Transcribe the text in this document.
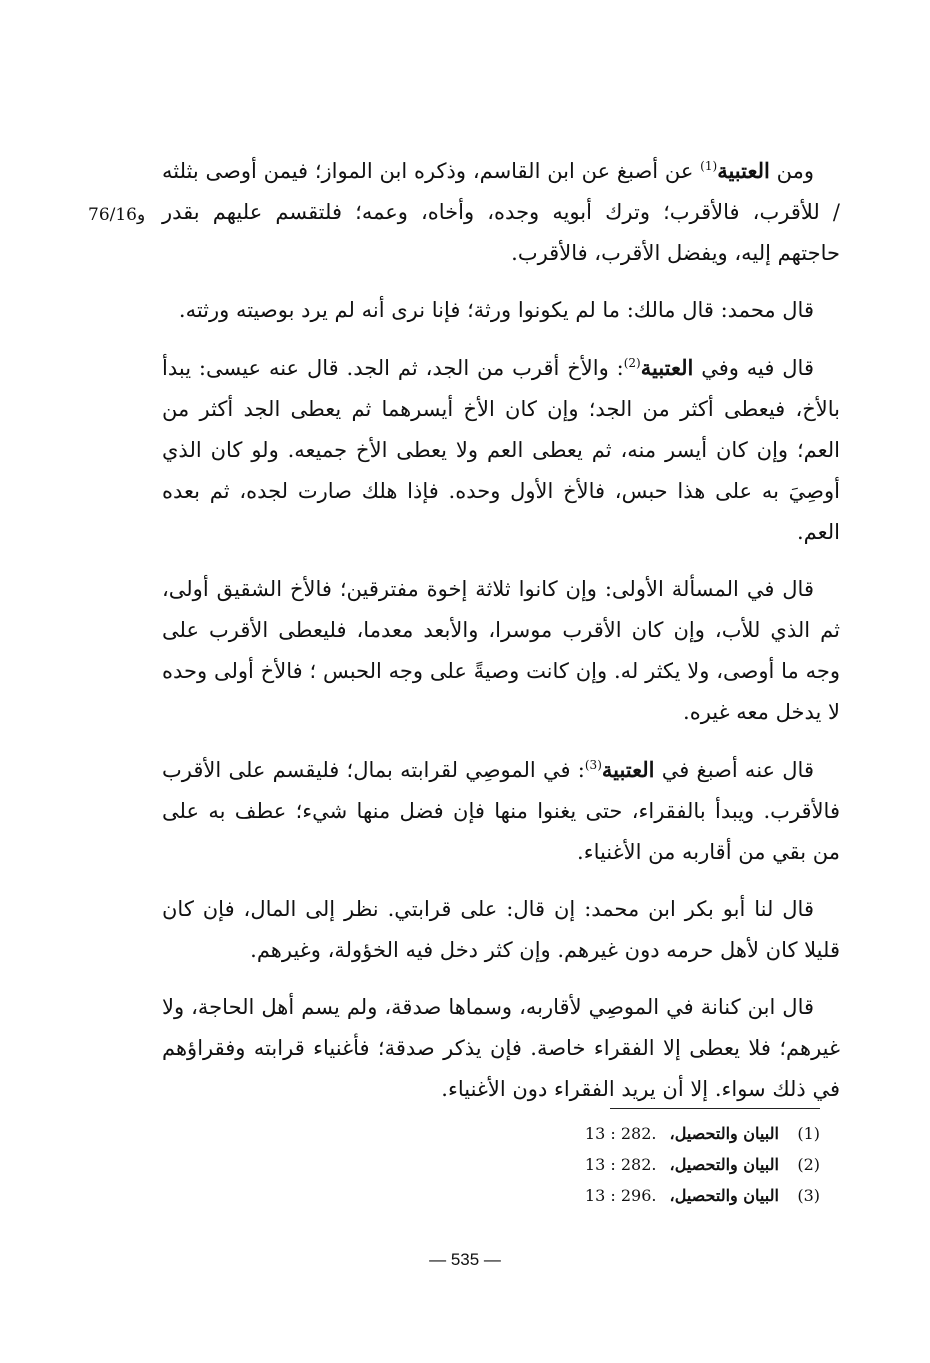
76/16و

ومن العتبية$^{(1)}$ عن أصبغ عن ابن القاسم، وذكره ابن المواز؛ فيمن أوصى بثلثه / للأقرب، فالأقرب؛ وترك أبويه وجده، وأخاه، وعمه؛ فلتقسم عليهم بقدر حاجتهم إليه، ويفضل الأقرب، فالأقرب.

قال محمد: قال مالك: ما لم يكونوا ورثة؛ فإنا نرى أنه لم يرد بوصيته ورثته.

قال فيه وفي العتبية$^{(2)}$: والأخ أقرب من الجد، ثم الجد. قال عنه عيسى: يبدأ بالأخ، فيعطى أكثر من الجد؛ وإن كان الأخ أيسرهما ثم يعطى الجد أكثر من العم؛ وإن كان أيسر منه، ثم يعطى العم ولا يعطى الأخ جميعه. ولو كان الذي أوصِيَ به على هذا حبس، فالأخ الأول وحده. فإذا هلك صارت لجده، ثم بعده العم.

قال في المسألة الأولى: وإن كانوا ثلاثة إخوة مفترقين؛ فالأخ الشقيق أولى، ثم الذي للأب، وإن كان الأقرب موسرا، والأبعد معدما، فليعطى الأقرب على وجه ما أوصى، ولا يكثر له. وإن كانت وصيةً على وجه الحبس ؛ فالأخ أولى وحده لا يدخل معه غيره.

قال عنه أصبغ في العتبية$^{(3)}$: في الموصِي لقرابته بمال؛ فليقسم على الأقرب فالأقرب. ويبدأ بالفقراء، حتى يغنوا منها فإن فضل منها شيء؛ عطف به على من بقي من أقاربه من الأغنياء.

قال لنا أبو بكر ابن محمد: إن قال: على قرابتي. نظر إلى المال، فإن كان قليلا كان لأهل حرمه دون غيرهم. وإن كثر دخل فيه الخؤولة، وغيرهم.

قال ابن كنانة في الموصِي لأقاربه، وسماها صدقة، ولم يسم أهل الحاجة، ولا غيرهم؛ فلا يعطى إلا الفقراء خاصة. فإن يذكر صدقة؛ فأغنياء قرابته وفقراؤهم في ذلك سواء. إلا أن يريد الفقراء دون الأغنياء.

(1) البيان والتحصيل، 13 : 282.
(2) البيان والتحصيل، 13 : 282.
(3) البيان والتحصيل، 13 : 296.
— 535 —
